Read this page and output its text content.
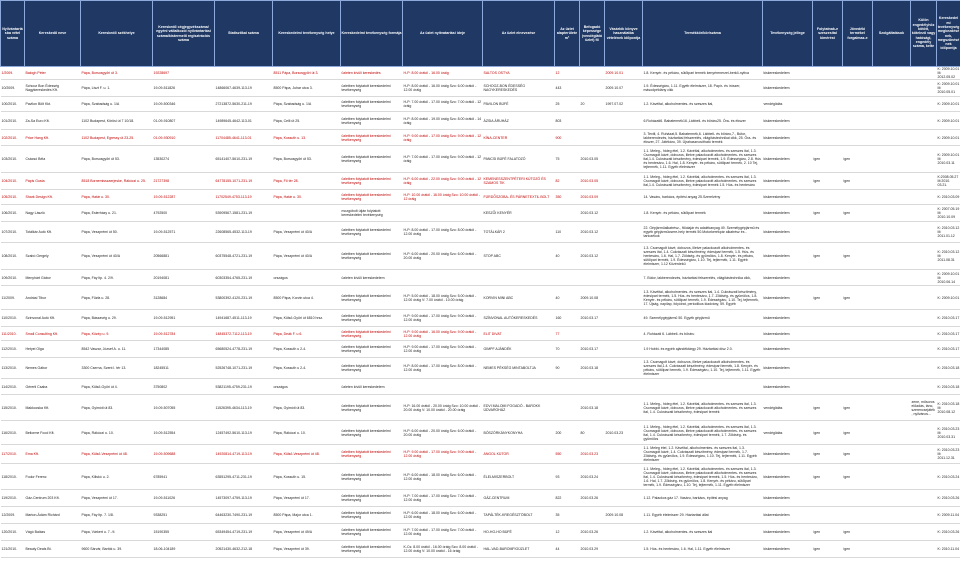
Nyilvántartásba vétel száma	Kereskedő neve	Kereskedő székhelye	Kereskedő cégjegyzékszáma/ egyéni vállalkozói nyilvántartási száma/kistermelő regisztrációs száma	Statisztikai száma	Kereskedelmi tevékenység helye	Kereskedelmi tevékenység formája	Az üzlet nyitvatartási ideje	Az üzlet elnevezése	Az üzlet alapterülete m²	Befogadó képessége (vendéglátó üzlet) fő	Vásárlók könyve használatba vételének időpontja	Termékkör/kör/száma	Tevékenység jellege	Folytatnak-e szeszesital kimérést	Jövedéki termékel forgalmaz-e	Szolgáltatások	Külön engedélyhöz kötött, kötelező vagy hatósági, engedély száma, kelte	Kereskedelmi tevékenység megkezdésének, megszűnésének időpontja
1/2009.	Balogh Péter	Pápa, Borsosgyőri út 3.	19228697		8511 Pápa, Borsosgyőri út 3.	üzleten kívüli kereskedés	H-P: 8.00 órától - 16.00 óráig	SALTOS OSTYA	12		2009.10.01	1.8. Kenyér- és pékáru, sütőipari termék kenyérenerzei-berkő-nyitva	kiskereskedelem					K: 2009.10.01 M: 2012.05.02
10/2009.	Schooz Bon Édesség Nagykereskedés Kft.	Pápa, Liszt F. u. 1.	19-09-511826	14866067-4639-113-19	8500 Pápa, Juhar utca 3.	üzletben folytatott kereskedelmi tevékenység	H-P: 8.00 órától - 16.00 óráig Szo: 6.00 órától - 12.00 óráig	SCHOOZ-BON ÉDESSÉG NAGYKERESKEDÉS	443		2009.10.07	1.9. Édességáru, 1.11. Egyéb élelmiszer, 18. Papír- és írószer, másodpéldány cikk	kiskereskedelem					K: 2009.10.01 M: 2010.05.01
100/2010.	Pavilon Bölt Kkt.	Pápa, Szabadság u. 1/A	19-09-500346	27213872-5630-211-19	Pápa, Szabadság u. 1/A	üzletben folytatott kereskedelmi tevékenység	H-P: 7.00 órától - 17.00 óráig Szo: 7.00 órától - 12 óráig	PAVILON BÜFÉ	25	20	1997.07.02	1.2. Kávéital, alkoholmentes- és szeszes ital,	vendéglátás					K: 2009.10.01
101/2010.	Za-Sa Euro Kft.	1102 Budapest, Körösi út 7 10/18.	01-09-910807	14989645-4642-113-01	Pápa, Celli út 25.	üzletben folytatott kereskedelmi tevékenység	H-P: 8.00 órától - 19.00 óráig Szo: 8.00 órától - 14 óráig	ÁZSIA ÁRUHÁZ	803			6.Ruházati6. Babatermék16.,Lábbeli- és bőráru25. Óra- és ékszer	kiskereskedelem					K: 2009.10.01
102/2010.	Price Hang Kft.	1102 Budapest, Egressy út 23-25.	01-09-930910	11704485-4641-113-01	Pápa, Kossuth u. 13.	üzletben folytatott kereskedelmi tevékenység	H-P: 9.00 órától - 17.00 óráig Szo: 9.00 órától - 12 óráig	KÍNA-CENTER	900			3. Textil, 4. Ruházat,5. Babatermék,6. Lábbeli- és bőráru,7., Bútor, lakberendezés, háztartási felszerelés, világítástechnikai cikk, 25. Óra- és ékszer, 27. Játékáru, 39. Újrahasznosítható termék	kiskereskedelem					K: 2009.10.01
103/2010.	Csácsó Béla	Pápa, Borsosgyőri út 53.	13530274	65141407-5610-231-19	Pápa, Borsosgyőri út 53.	üzletben folytatott kereskedelmi tevékenység	H-P: 7.00 órától - 17.00 óráig Szo: 9.00 órától - 12 óráig	PANCSI BÜFÉ FALATOZÓ	75	2010.03.05		1.1. Meleg-, hideg étel, 1.2. Kávéital, alkoholmentes- és szeszes ital, 1.3. Csomagolt kávé, dobozos, illetve palackozott alkoholmentes- és szeszes ital,1.4. Cukrászati készítmény, édesipari termék, 1.9. Édességáru, 2.8. Hús és hentesáru, 1.6. Hal, 1.8. Kenyér- és pékáru, sütőipari termék, 2. 10 Tej, tejtermék, 1.11. Egyéb élelmiszer	kiskereskedelem	igen	igen			K: 2009.10.01 M: 2010.03.11
104/2010.	Pápis Gusta	8518 Bornemisszaerjeske, Rákóczi u. 25.	21727398	64778155-1071-231-19	Pápa, Fő tér 28.	üzletben folytatott kereskedelmi tevékenység	H-P: 6.00 órától - 22.00 óráig Szo: 9.00 órától - 12 óráig	KEMENESSZENTPÉTERI KÚTOZÓ ÉS SZAMOS TIK	82	2010.03.05		1.1. Meleg-, hideg étel, 1.2. Kávéital, alkoholmentes- és szeszes ital, 1.3. Csomagolt kávé, dobozos, illetve palackozott alkoholmentes- és szeszes ital,1.4. Cukrászati készítmény, édesipari termék 1.5. Hús- és hentesáru	kiskereskedelem	igen	igen			K:2008.05.27 M:2010. 03.21.
105/2010.	Shark Design Kft.	Pápa, Határ u. 30.	19-09-512287	11702549-4753-113-19	Pápa, Határ u. 30.	üzletben folytatott kereskedelmi tevékenység	H-P: 10.00 órától - 16.00 óráig Szo: 10.00 órától - 12 óráig	FÜRDŐSZOBA- ÉS PÁRNETEXTIL BOLT	350	2010.03.09		14. Vasáru, barkács, építési anyag 25.Szerelvény	kiskereskedelem					K: 2010.03.09
106/2010.	Nagy László	Pápa, Esterházy u. 21.	4792500	53909567-1581-231-19		mozgóbolt útján folytatott kereskedelmi tevékenység		KESZŐI KENYÉR		2010.03.12		1.8. Kenyér- és pékáru, sütőipari termék	kiskereskedelem	igen	igen			K: 2007.05.19 M: 2010.10.09
107/2010.	Totálkár Autó Kft.	Pápa, Veszprémi út 50.	19-09-512571	22608565-4532-113-19	Pápa, Veszprémi út 40/A	üzletben folytatott kereskedelmi tevékenység	H-P: 8.00 órától - 17.00 óráig Szo: 8.00 órától - 12.00 óráig	TOTÁLKÁR 2	110	2010.03.12		22. Gépjárműalkatrész-, ftőolajár és adalékanyag 49. Személygépjármű és egyéb gépjárműcsere-hely termék 50.Motorkerékpár alkatrész és -tartozékok	kiskereskedelem					K: 2010.03.12 M: 2011.01.12
108/2010.	Szabó Gergely	Pápa, Veszprémi út 40/A	20566881	60375548-4721-231-19	Pápa, Veszprémi út 40/A	üzletben folytatott kereskedelmi tevékenység	H-P: 6.00 órától - 20.00 óráig Szo: 6.00 órától - 20.00 óráig	STOP ABC	40	2010.03.12		1.3. Csomagolt kávé, dobozos, illetve palackozott alkoholmentes- és szeszes ital, 1.4. Cukrászati készítmény, édesipari termék, 1.5. Hús- és hentesáru, 1.6. Hal, 1.7. Zöldség- és gyümölcs, 1.8. Kenyér- és pékáru, sütőipari termék, 1.9. Édességáru, 1.10. Tej, tejtermék, 1.11. Egyéb élelmiszer, 1.12 Közérdekű	kiskereskedelem	igen	igen			K: 2010.03.12 M: 2011.08.31
109/2010.	Menyhárt Gábor	Pápa, Fáy ltp. 4. 2/9.	20194081	60303354-4765-231-19	országos	üzleten kívüli kereskedelem						7. Bútor, lakberendezés, háztartási felszerelés, világítástechnika cikk,	kiskereskedelem					K: 2009.10.01 M: 2010.06.14
11/2009.	Andrási Tibor	Pápa, Fűzfa u. 28.	3128684	53800392-4120-231-19	8500 Pápa, Korvin utca 4.	üzletben folytatott kereskedelmi tevékenység	H-P: 5.00 órától - 18.00 óráig Szo: 5.00 órától - 12.00 óráig V: 7.00 órától - 10.00 óráig	KORVIN MINI ABC	40	2009.10.08		1.3. Kávéital, alkoholmentes- és szeszes ital, 1.4. Cukrászati készítmény, édesipari termék, 1.5. Hús- és hentesáru, 1.7. Zöldség- és gyümölcs, 1.8. Kenyér- és pékáru, sütőipari termék, 1.9. Édességáru, 1.10. Tej, tejtermék, 17. Újság, napilap, folyóirat, periodikus kiadvány, 59. Egyéb	kiskereskedelem	igen	igen			K: 2009.10.01
110/2010.	Színvonal Autó Kft.	Pápa, Bászavég u. 29.	19-09-512951	14941687-4511-113-19	Pápa, Külső-Győri út 6810 hrsz.	üzletben folytatott kereskedelmi tevékenység	H-P: 9.00 órától - 17.00 óráig Szo: 9.00 órától - 12.00 óráig	SZÍNVONAL AUTÓKERESKEDÉS	160	2010.03.17		49. Személygépjármű 50. Egyéb gépjármű	kiskereskedelem					K: 2010.03.17
111/2010.	Small Consulting Kft.	Pápa, Közép u. 9.	19-09-512784	14845372-7112-113-19	Pápa, Deák F. u 6.	üzletben folytatott kereskedelmi tevékenység	H-P: 9.00 órától - 16.00 óráig Szo: 9.00 órától - 12.00 óráig	ELIT DIVAT	77			4. Ruházati 6. Lábbeli- és bőráru	kiskereskedelem					K: 2010.03.17
112/2010.	Hetyei Olga	8542 Vaszar, József A. u. 11.	17344085	65680524-4778-231-19	Pápa, Kossuth u 2-4.	üzletben folytatott kereskedelmi tevékenység	H-P: 9.00 órától - 17.00 óráig Szo: 9.00 órától - 12.00 óráig	GIMPF AJÁNDÉK	70	2010.03.17		1.9 Hobbi- és egyéb ajándéktárgy 29. Háztartási dísz 2.0.	kiskereskedelem					K: 2010.03.17
113/2010.	Nemes Gábor	3300 Cserna, Szent I. tér 13.	18245511	52526748-1071-231-19	Pápa, Kossuth u 2-4.	üzletben folytatott kereskedelmi tevékenység	H-P: 8.00 órától - 17.00 óráig Szo: 8.00 órától - 12.00 óráig	NEMES PÉKSÉG MINTABOLTJA	90	2010.03.18		1.3. Csomagolt kávé, dobozos, illetve palackozott alkoholmentes- és szeszes ital,1.4. Cukrászati készítmény, édesipari termék, 1.8. Kenyér- és pékáru, sütőipari termék, 1.9. Édességáru, 1.10. Tej, tejtermék, 1.11. Egyéb élelmiszer	kiskereskedelem					K: 2010.03.18
114/2010.	Gérerti Csaba	Pápa, Külső-Győri út 4.	3750802	53821195-4759-231-19	országos	üzleten kívüli kereskedelem							kiskereskedelem					K: 2010.03.18
115/2010.	Makkocska Kft.	Pápa, Gyimóti út 83.	19-09-507055	11526395-4634-113-19	Pápa, Gyimóti út 83.	üzletben folytatott kereskedelmi tevékenység	H-P: 16.00 órától - 20.00 óráig Szo: 10.00 órától - 20.00 óráig V: 10.00 órától - 20.00 óráig	EDVI MALOMI FOGADÓ - BAROKK ÜDVAROHÁZ		2010.03.18		1.1. Meleg-, hideg étel, 1.2. Kávéital, alkoholmentes- és szeszes ital, 1.3. Csomagolt kávé, dobozos, illetve palackozott alkoholmentes- és szeszes ital, 1.4. Cukrászati készítmény, édesipari termék	vendéglátás	igen	igen		zene, műsoros előadás, tánc, szerencsejáték, nyilvános...	K: 2010.03.18 M: 2010.08.12
116/2010.	Beilorme Food Kft.	Pápa, Rákóczi u. 10.	19-09-512554	12457492-5610-113-19	Pápa, Rákóczi u. 10.	üzletben folytatott kereskedelmi tevékenység	H-P: 6.00 órától - 20.00 óráig Szo: 6.00 órától - 20.00 óráig	BÓSZÓRKÁNYKONYHA	200	80	2010.03.23	1.1. Meleg-, hideg étel, 1.2. Kávéital, alkoholmentes- és szeszes ital, 1.3. Csomagolt kávé, dobozos, illetve palackozott alkoholmentes- és szeszes ital, 1.4. Cukrászati készítmény, édesipari termék, 1.7. Zöldség- és gyümölcs	vendéglátás	igen	igen			K: 2010.03.23 M: 2010.03.31
117/2010.	Ema Kft.	Pápa, Külső-Veszprémi út 48.	19-09-509688	14920814-4719-113-19	Pápa, Külső-Veszprémi út 48.	üzletben folytatott kereskedelmi tevékenység	H-P: 9.00 órától - 17.00 óráig Szo: 9.00 órától - 12.00 óráig	ANGOL KÜTOR	550	2010.03.23		1.1. Meleg étel, 1.2. Kávéital, alkoholmentes- és szeszes ital, 1.3. Csomagolt kávé, 1.4. Cukrászati készítmény, édesipari termék, 1.7. Zöldség- és gyümölcs, 1.9. Édességáru, 1.10. Tej, tejtermék, 1.11. Egyéb élelmiszer	kiskereskedelem	igen	igen			K: 2010.03.23 M: 2011.12.31
118/2010.	Fodor Ferenc	Pápa, Kiliskó u. 2.	6785941	63551295-4711-231-19	Pápa, Kossuth u. 15.	üzletben folytatott kereskedelmi tevékenység	H-P: 6.00 órától - 18.00 óráig Szo: 6.00 órától - 12.00 óráig	ÉLELMISZERBOLT	93	2010.03.24		1.1. Meleg-, hideg étel, 1.2. Kávéital, alkoholmentes- és szeszes ital, 1.3. Csomagolt kávé, dobozos, illetve palackozott alkoholmentes- és szeszes ital, 1.4. Cukrászati készítmény, édesipari termék, 1.5. Hús- és hentesáru, 1.6. Hal, 1.7. Zöldség- és gyümölcs, 1.8. Kenyér- és pékáru, sütőipari termék, 1.9. Édességáru, 1.10. Tej, tejtermék, 1.11. Egyéb élelmiszer	kiskereskedelem	igen	igen			K: 2010.03.24
119/2010.	Gáz-Centrum 203 Kft.	Pápa, Veszprémi út 17.	19-09-511026	14573097-4759-113-19	Pápa, Veszprémi út 17.	üzletben folytatott kereskedelmi tevékenység	H-P: 7.00 órától - 17.00 óráig Szo: 7.00 órától - 12.00 óráig	GÁZ-CENTRUM	822	2010.03.26		1.12. Palackos gáz 17. Vasáru, barkács, építési anyag	kiskereskedelem					K: 2010.03.26
12/2009.	Marton-Ádám Richárd	Pápa, Fáy ltp. 7. 1/8.	9338251	64463230-7490-231-19	8500 Pápa, Major utca 1.	üzletben folytatott kereskedelmi tevékenység	H-P: 6.00 órától - 18.00 óráig Szo: 6.00 órától - 12.00 óráig	TAPÁLTÉK-KREGÉSZTÖBOLT	35		2009.10.08	1.11. Egyéb élelmiszer 29. Háztartási állat	kiskereskedelem					K: 2009.11.04
120/2010.	Vágó Balázs	Pápa, Várkert u. 7. /4	15190355	65349454-4719-231-19	Pápa, Veszprémi út 49/A	üzletben folytatott kereskedelmi tevékenység	H-P: 7.00 órától - 17.00 óráig Szo: 7.00 órától - 12.00 óráig	HO-HO-HO BÜFÉ	12	2010.03.26		1.2. Kávéital, alkoholmentes- és szeszes ital	kiskereskedelem	igen	igen			K: 2010.03.26
121/2010.	Beauty Deals Bt.	9600 Sárvár, Bartók u. 39.	18-06-104189	20521430-4632-212-18	Pápa, Veszprémi út 39.	üzletben folytatott kereskedelmi tevékenység	K-Cs: 8.00 órától - 16.00 óráig Szo: 8.00 órától - 12.00 óráig V: 10.00 órától - 16 óráig	HAL-VAD-BAROMFIGÜZLET	44	2010.03.29		1.5. Hús- és hentesáru, 1.6. Hal, 1.11. Egyéb élelmiszer	kiskereskedelem	igen	igen			K: 2010.11.04
